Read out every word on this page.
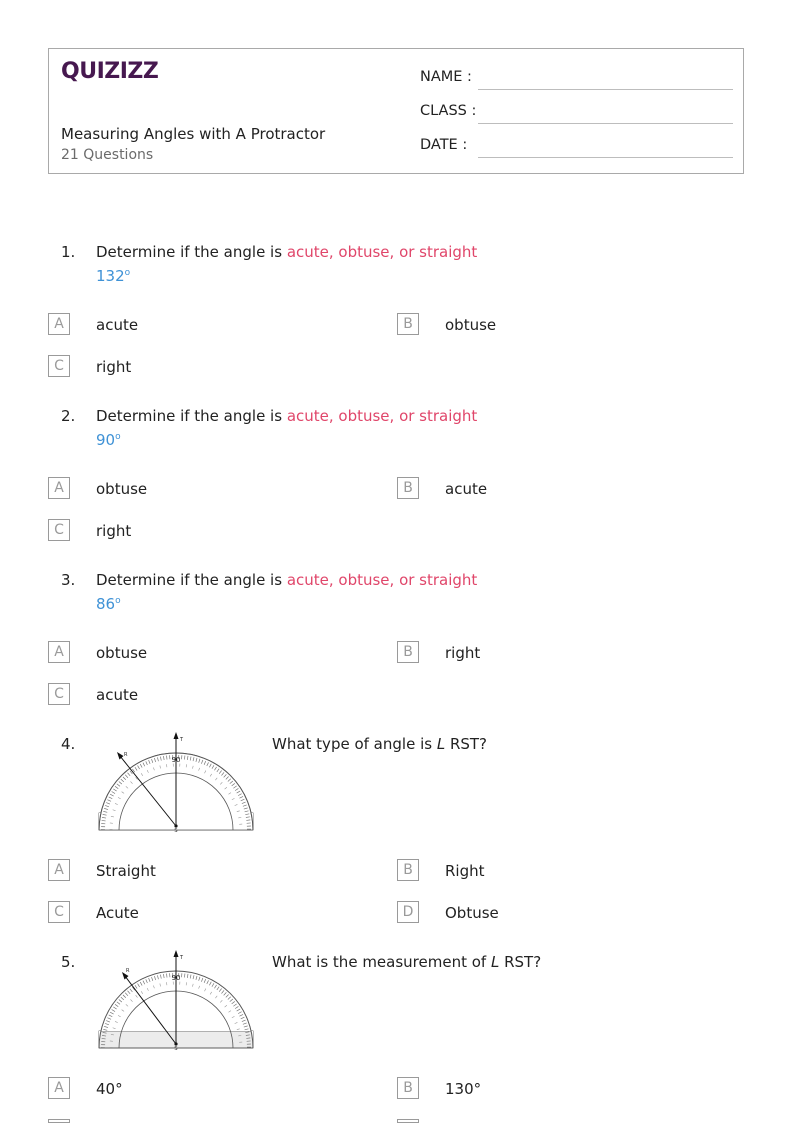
QUIZIZZ
Measuring Angles with A Protractor
21 Questions
NAME :
CLASS :
DATE :
1. Determine if the angle is acute, obtuse, or straight
132$^o$
A	acute	B	obtuse
C	right
2. Determine if the angle is acute, obtuse, or straight
90$^o$
A	obtuse	B	acute
C	right
3. Determine if the angle is acute, obtuse, or straight
86$^o$
A	obtuse	B	right
C	acute
4.
90
S
T
R
What type of angle is L RST?
A	Straight	B	Right
C	Acute	D	Obtuse
5.
90
S
T
R	What is the measurement of L RST?
A	40°	B	130°
